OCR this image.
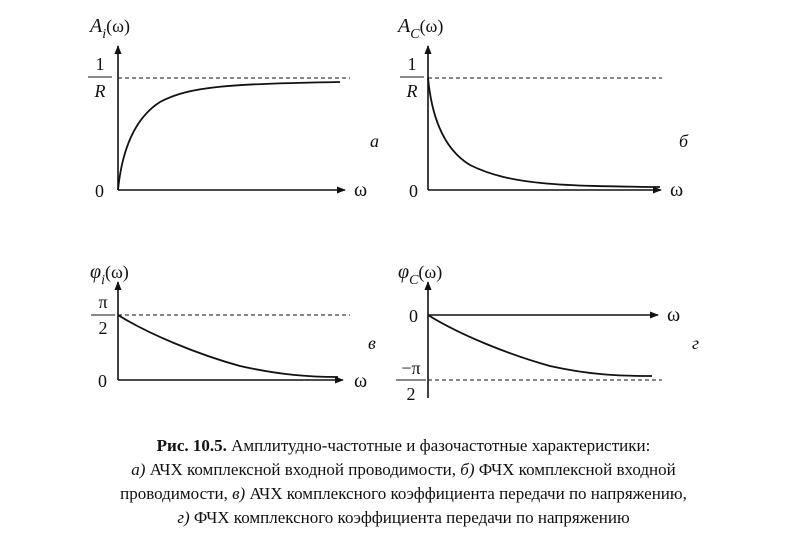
$A_i(\omega)$
1
R
0	ω
а
$A_C(\omega)$
1
R
0	ω
б
$\varphi_i(\omega)$
π
2
0	ω
в
$\varphi_C(\omega)$
0
−π
2
ω
г
Рис. 10.5. Амплитудно-частотные и фазочастотные характеристики:
а) АЧХ комплексной входной проводимости, б) ФЧХ комплексной входной
проводимости, в) АЧХ комплексного коэффициента передачи по напряжению,
г) ФЧХ комплексного коэффициента передачи по напряжению
